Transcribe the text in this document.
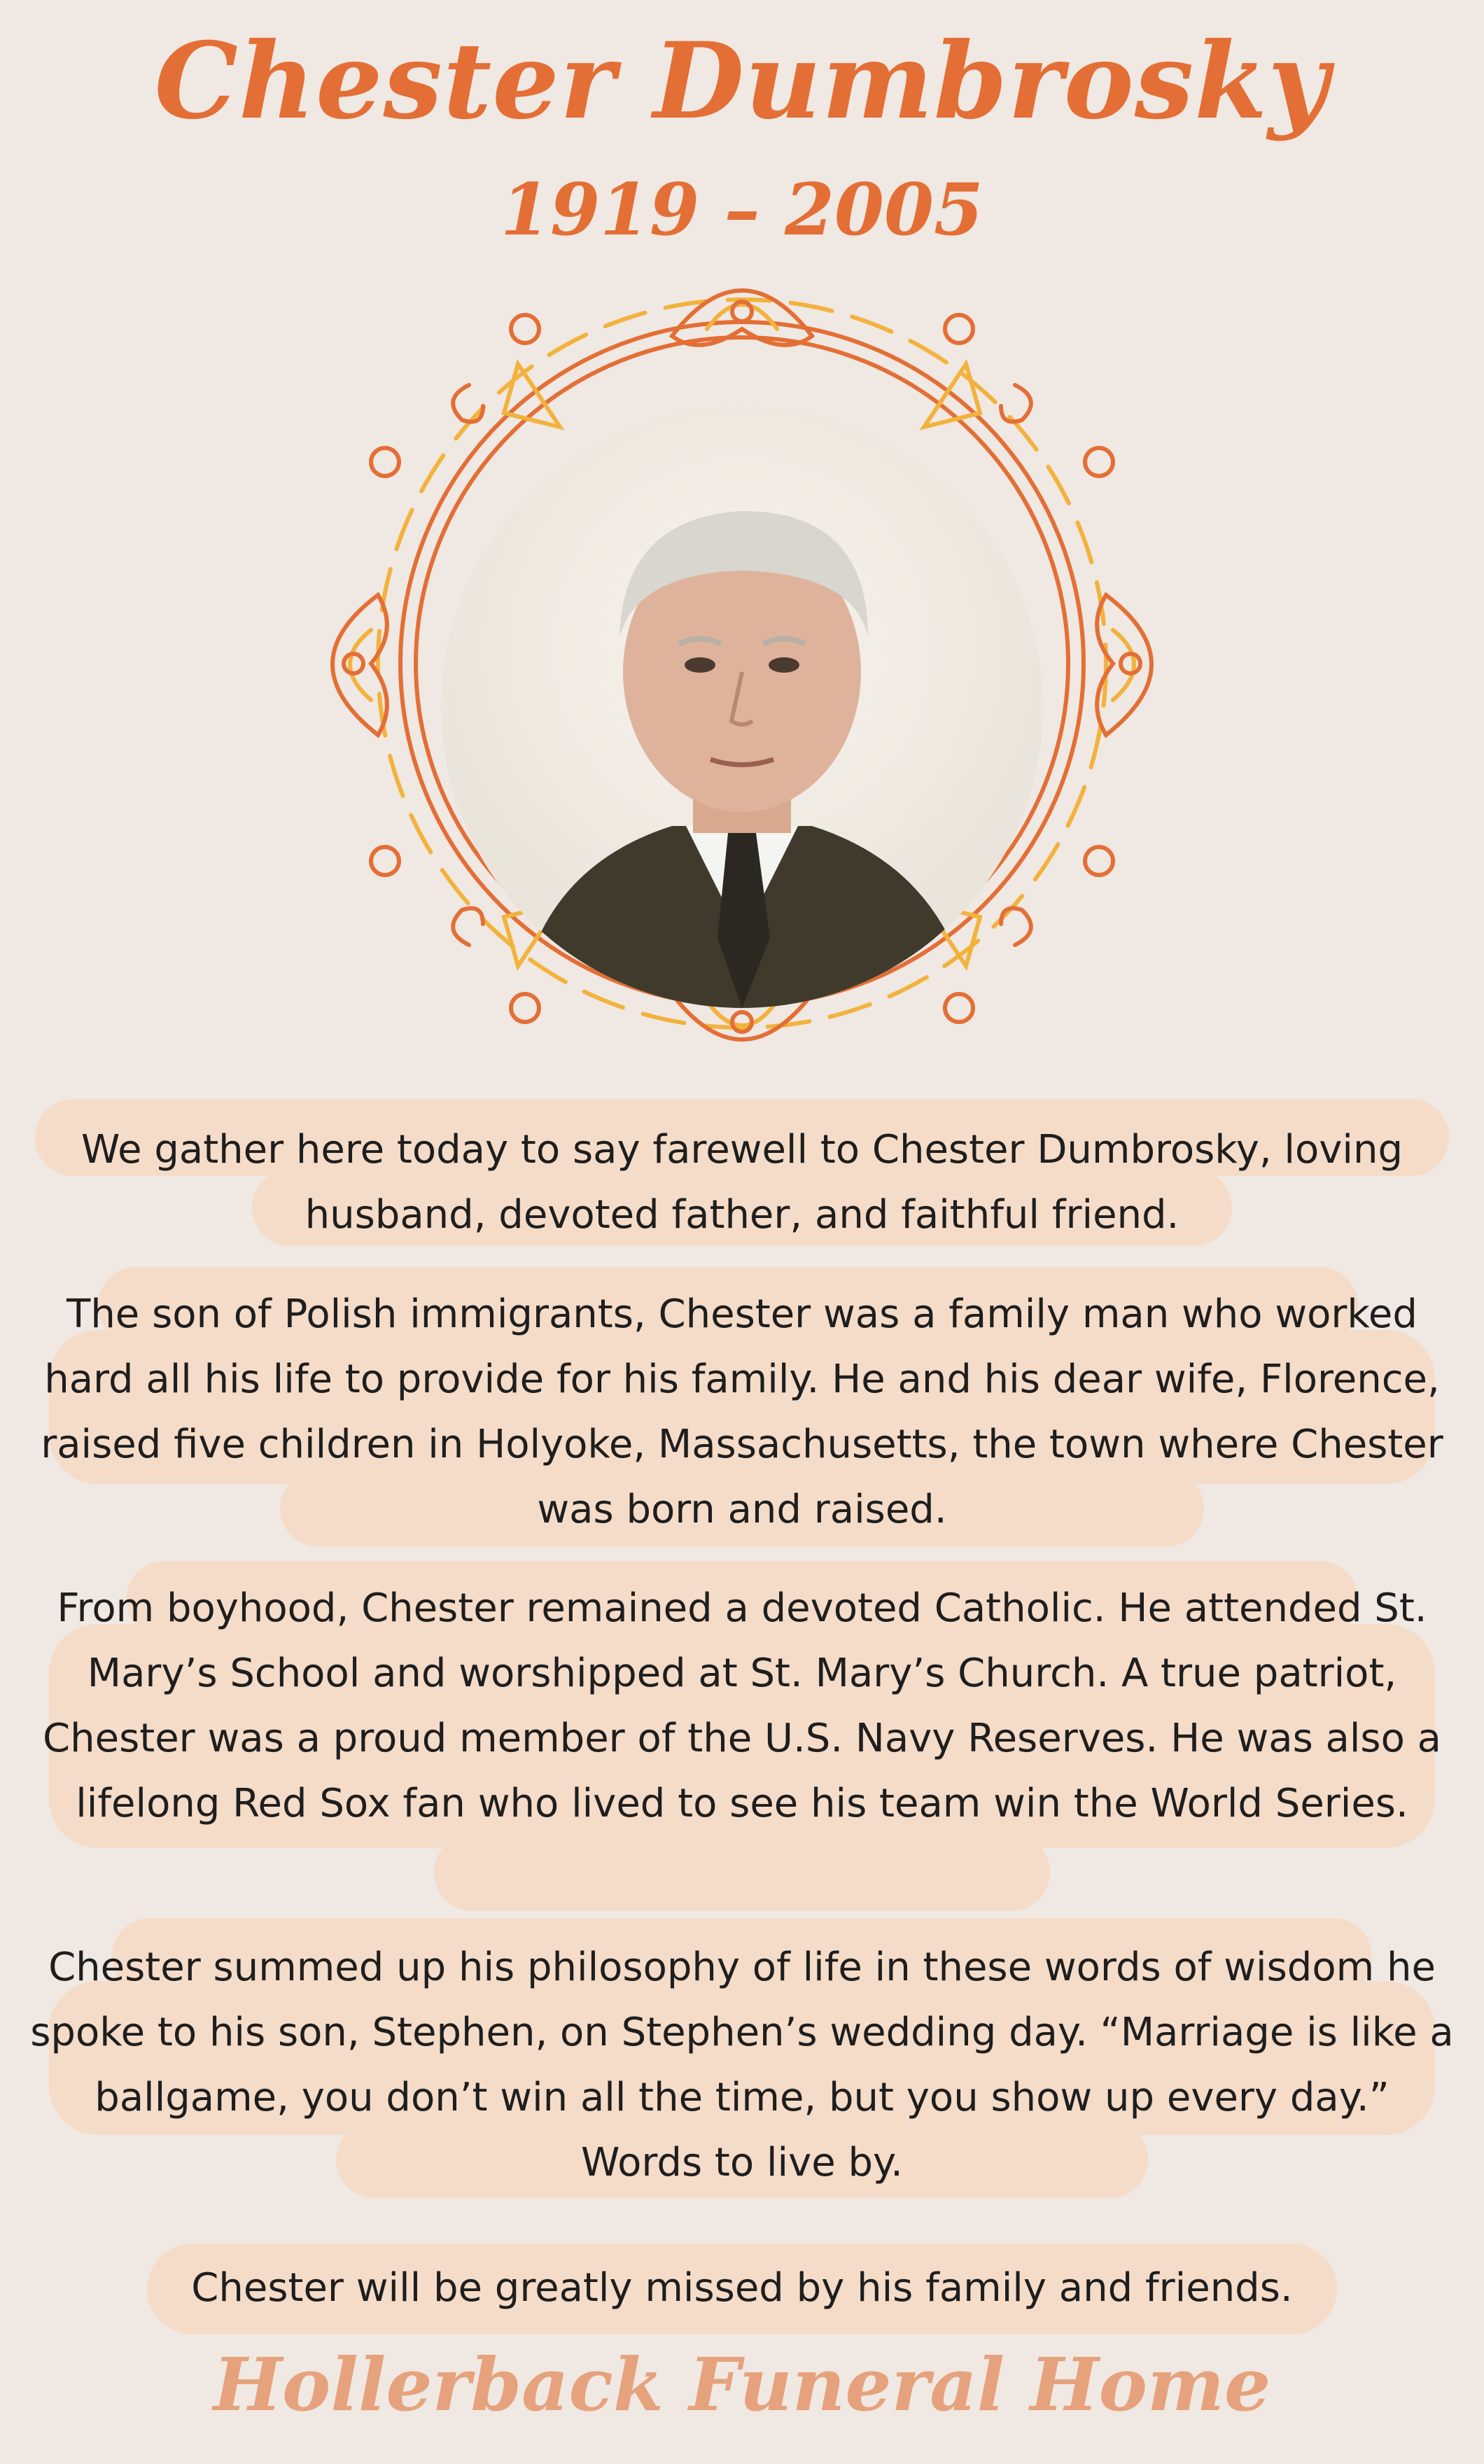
Chester Dumbrosky
1919 – 2005

We gather here today to say farewell to Chester Dumbrosky, loving husband, devoted father, and faithful friend.

The son of Polish immigrants, Chester was a family man who worked hard all his life to provide for his family. He and his dear wife, Florence, raised five children in Holyoke, Massachusetts, the town where Chester was born and raised.

From boyhood, Chester remained a devoted Catholic. He attended St. Mary’s School and worshipped at St. Mary’s Church. A true patriot, Chester was a proud member of the U.S. Navy Reserves. He was also a lifelong Red Sox fan who lived to see his team win the World Series.

Chester summed up his philosophy of life in these words of wisdom he spoke to his son, Stephen, on Stephen’s wedding day. “Marriage is like a ballgame, you don’t win all the time, but you show up every day.” Words to live by.

Chester will be greatly missed by his family and friends.

Hollerback Funeral Home
